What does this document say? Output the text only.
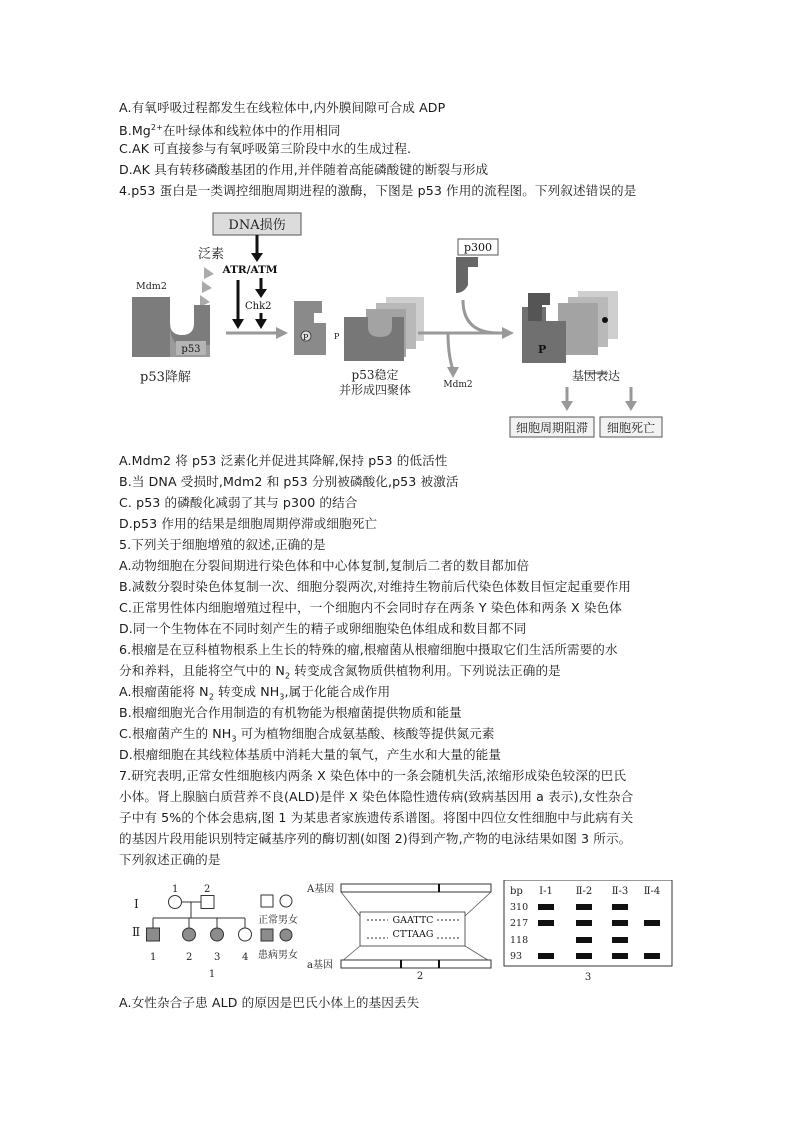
A.有氧呼吸过程都发生在线粒体中,内外膜间隙可合成 ADP
$B.Mg^{2+}$在叶绿体和线粒体中的作用相同
C.AK 可直接参与有氧呼吸第三阶段中水的生成过程.
D.AK 具有转移磷酸基团的作用,并伴随着高能磷酸键的断裂与形成
4.p53 蛋白是一类调控细胞周期进程的激酶，下图是 p53 作用的流程图。下列叙述错误的是
DNA损伤
ATR/ATM
泛素
Mdm2
p53
p53降解
Chk2
P	P
p53稳定
并形成四聚体
p300
Mdm2
P
基因表达
细胞周期阻滞 细胞死亡
A.Mdm2 将 p53 泛素化并促进其降解,保持 p53 的低活性
B.当 DNA 受损时,Mdm2 和 p53 分别被磷酸化,p53 被激活
C. p53 的磷酸化减弱了其与 p300 的结合
D.p53 作用的结果是细胞周期停滞或细胞死亡
5.下列关于细胞增殖的叙述,正确的是
A.动物细胞在分裂间期进行染色体和中心体复制,复制后二者的数目都加倍
B.减数分裂时染色体复制一次、细胞分裂两次,对维持生物前后代染色体数目恒定起重要作用
C.正常男性体内细胞增殖过程中，一个细胞内不会同时存在两条 Y 染色体和两条 X 染色体
D.同一个生物体在不同时刻产生的精子或卵细胞染色体组成和数目都不同
6.根瘤是在豆科植物根系上生长的特殊的瘤,根瘤菌从根瘤细胞中摄取它们生活所需要的水
分和养料，且能将空气中的 $N_2$ 转变成含氮物质供植物利用。下列说法正确的是
A.根瘤菌能将 $N_2$ 转变成 $NH_3$,属于化能合成作用
B.根瘤细胞光合作用制造的有机物能为根瘤菌提供物质和能量
C.根瘤菌产生的 $NH_3$ 可为植物细胞合成氨基酸、核酸等提供氮元素
D.根瘤细胞在其线粒体基质中消耗大量的氧气，产生水和大量的能量
7.研究表明,正常女性细胞核内两条 X 染色体中的一条会随机失活,浓缩形成染色较深的巴氏
小体。肾上腺脑白质营养不良(ALD)是伴 X 染色体隐性遗传病(致病基因用 a 表示),女性杂合
子中有 5%的个体会患病,图 1 为某患者家族遗传系谱图。将图中四位女性细胞中与此病有关
的基因片段用能识别特定碱基序列的酶切割(如图 2)得到产物,产物的电泳结果如图 3 所示。
下列叙述正确的是
Ⅰ
Ⅱ
1	2
1	2 3 4
正常男女
患病男女
1
A基因
GAATTC
CTTAAG
a基因
2
bp Ⅰ-1 Ⅱ-2 Ⅱ-3 Ⅱ-4
310
217
118
93
3
A.女性杂合子患 ALD 的原因是巴氏小体上的基因丢失
